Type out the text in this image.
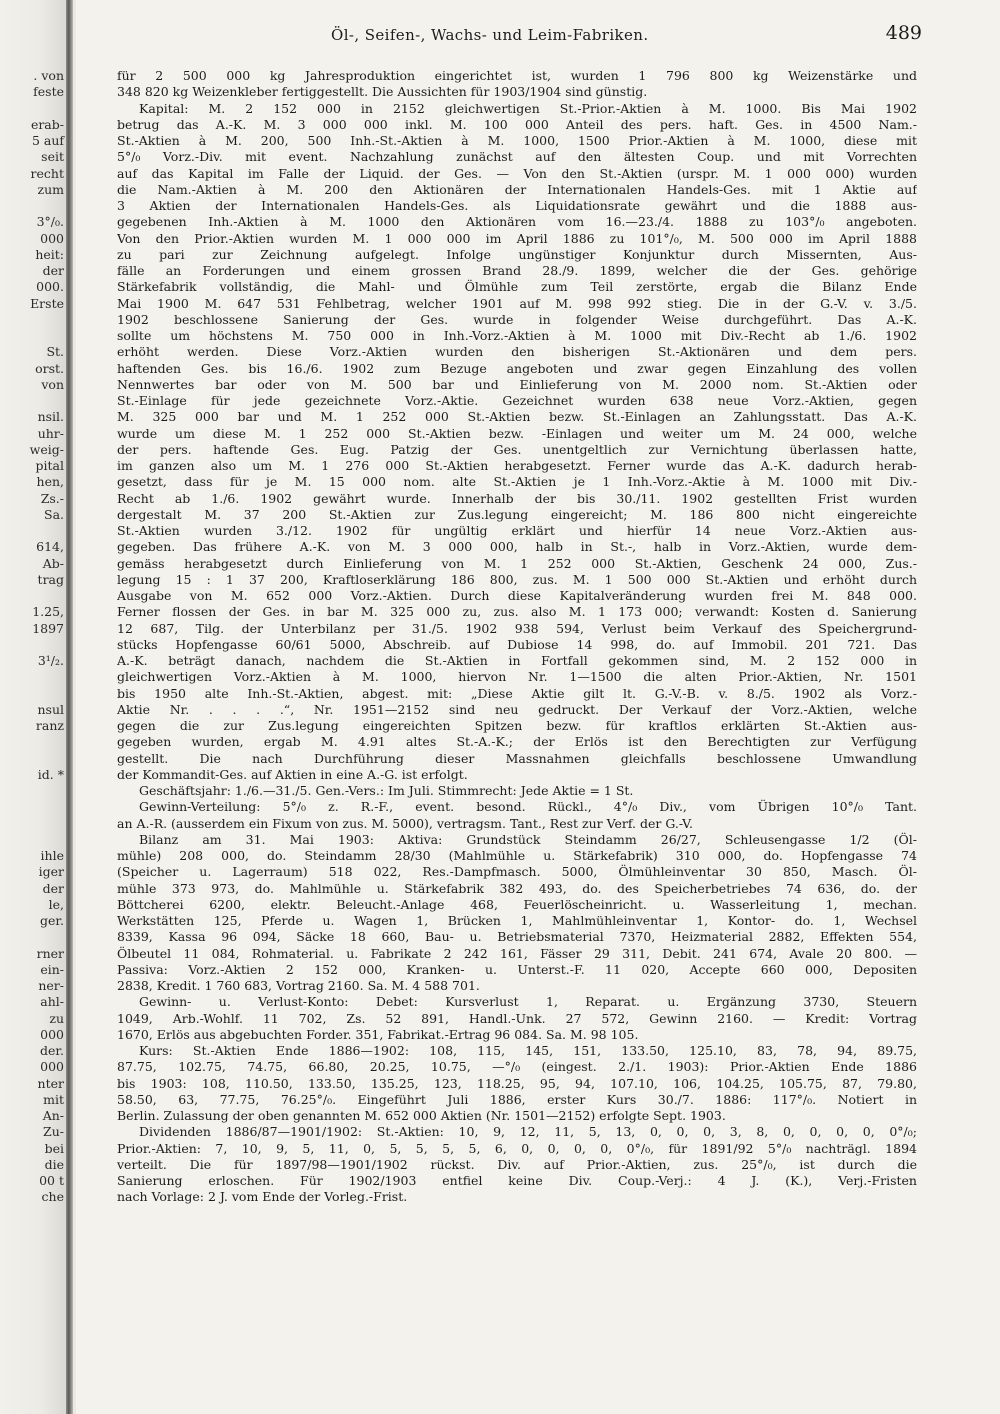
. von
feste
erab-
5 auf
seit
recht
zum
3°/₀.
000
heit:
der
000.
Erste
St.
orst.
von
nsil.
uhr-
weig-
pital
hen,
Zs.-
Sa.
614,
Ab-
trag
1.25,
1897
3¹/₂.
nsul
ranz
id. *
ihle
iger
der
le,
ger.
rner
ein-
ner-
ahl-
zu
000
der.
000
nter
mit
An-
Zu-
bei
die
00 t
che
Öl-, Seifen-, Wachs- und Leim-Fabriken.	489
für 2 500 000 kg Jahresproduktion eingerichtet ist, wurden 1 796 800 kg Weizenstärke und
348 820 kg Weizenkleber fertiggestellt. Die Aussichten für 1903/1904 sind günstig.
Kapital: M. 2 152 000 in 2152 gleichwertigen St.-Prior.-Aktien à M. 1000. Bis Mai 1902
betrug das A.-K. M. 3 000 000 inkl. M. 100 000 Anteil des pers. haft. Ges. in 4500 Nam.-
St.-Aktien à M. 200, 500 Inh.-St.-Aktien à M. 1000, 1500 Prior.-Aktien à M. 1000, diese mit
5°/₀ Vorz.-Div. mit event. Nachzahlung zunächst auf den ältesten Coup. und mit Vorrechten
auf das Kapital im Falle der Liquid. der Ges. — Von den St.-Aktien (urspr. M. 1 000 000) wurden
die Nam.-Aktien à M. 200 den Aktionären der Internationalen Handels-Ges. mit 1 Aktie auf
3 Aktien der Internationalen Handels-Ges. als Liquidationsrate gewährt und die 1888 aus-
gegebenen Inh.-Aktien à M. 1000 den Aktionären vom 16.—23./4. 1888 zu 103°/₀ angeboten.
Von den Prior.-Aktien wurden M. 1 000 000 im April 1886 zu 101°/₀, M. 500 000 im April 1888
zu pari zur Zeichnung aufgelegt. Infolge ungünstiger Konjunktur durch Missernten, Aus-
fälle an Forderungen und einem grossen Brand 28./9. 1899, welcher die der Ges. gehörige
Stärkefabrik vollständig, die Mahl- und Ölmühle zum Teil zerstörte, ergab die Bilanz Ende
Mai 1900 M. 647 531 Fehlbetrag, welcher 1901 auf M. 998 992 stieg. Die in der G.-V. v. 3./5.
1902 beschlossene Sanierung der Ges. wurde in folgender Weise durchgeführt. Das A.-K.
sollte um höchstens M. 750 000 in Inh.-Vorz.-Aktien à M. 1000 mit Div.-Recht ab 1./6. 1902
erhöht werden. Diese Vorz.-Aktien wurden den bisherigen St.-Aktionären und dem pers.
haftenden Ges. bis 16./6. 1902 zum Bezuge angeboten und zwar gegen Einzahlung des vollen
Nennwertes bar oder von M. 500 bar und Einlieferung von M. 2000 nom. St.-Aktien oder
St.-Einlage für jede gezeichnete Vorz.-Aktie. Gezeichnet wurden 638 neue Vorz.-Aktien, gegen
M. 325 000 bar und M. 1 252 000 St.-Aktien bezw. St.-Einlagen an Zahlungsstatt. Das A.-K.
wurde um diese M. 1 252 000 St.-Aktien bezw. -Einlagen und weiter um M. 24 000, welche
der pers. haftende Ges. Eug. Patzig der Ges. unentgeltlich zur Vernichtung überlassen hatte,
im ganzen also um M. 1 276 000 St.-Aktien herabgesetzt. Ferner wurde das A.-K. dadurch herab-
gesetzt, dass für je M. 15 000 nom. alte St.-Aktien je 1 Inh.-Vorz.-Aktie à M. 1000 mit Div.-
Recht ab 1./6. 1902 gewährt wurde. Innerhalb der bis 30./11. 1902 gestellten Frist wurden
dergestalt M. 37 200 St.-Aktien zur Zus.legung eingereicht; M. 186 800 nicht eingereichte
St.-Aktien wurden 3./12. 1902 für ungültig erklärt und hierfür 14 neue Vorz.-Aktien aus-
gegeben. Das frühere A.-K. von M. 3 000 000, halb in St.-, halb in Vorz.-Aktien, wurde dem-
gemäss herabgesetzt durch Einlieferung von M. 1 252 000 St.-Aktien, Geschenk 24 000, Zus.-
legung 15 : 1 37 200, Kraftloserklärung 186 800, zus. M. 1 500 000 St.-Aktien und erhöht durch
Ausgabe von M. 652 000 Vorz.-Aktien. Durch diese Kapitalveränderung wurden frei M. 848 000.
Ferner flossen der Ges. in bar M. 325 000 zu, zus. also M. 1 173 000; verwandt: Kosten d. Sanierung
12 687, Tilg. der Unterbilanz per 31./5. 1902 938 594, Verlust beim Verkauf des Speichergrund-
stücks Hopfengasse 60/61 5000, Abschreib. auf Dubiose 14 998, do. auf Immobil. 201 721. Das
A.-K. beträgt danach, nachdem die St.-Aktien in Fortfall gekommen sind, M. 2 152 000 in
gleichwertigen Vorz.-Aktien à M. 1000, hiervon Nr. 1—1500 die alten Prior.-Aktien, Nr. 1501
bis 1950 alte Inh.-St.-Aktien, abgest. mit: „Diese Aktie gilt lt. G.-V.-B. v. 8./5. 1902 als Vorz.-
Aktie Nr. . . . .“, Nr. 1951—2152 sind neu gedruckt. Der Verkauf der Vorz.-Aktien, welche
gegen die zur Zus.legung eingereichten Spitzen bezw. für kraftlos erklärten St.-Aktien aus-
gegeben wurden, ergab M. 4.91 altes St.-A.-K.; der Erlös ist den Berechtigten zur Verfügung
gestellt. Die nach Durchführung dieser Massnahmen gleichfalls beschlossene Umwandlung
der Kommandit-Ges. auf Aktien in eine A.-G. ist erfolgt.
Geschäftsjahr: 1./6.—31./5. Gen.-Vers.: Im Juli. Stimmrecht: Jede Aktie = 1 St.
Gewinn-Verteilung: 5°/₀ z. R.-F., event. besond. Rückl., 4°/₀ Div., vom Übrigen 10°/₀ Tant.
an A.-R. (ausserdem ein Fixum von zus. M. 5000), vertragsm. Tant., Rest zur Verf. der G.-V.
Bilanz am 31. Mai 1903: Aktiva: Grundstück Steindamm 26/27, Schleusengasse 1/2 (Öl-
mühle) 208 000, do. Steindamm 28/30 (Mahlmühle u. Stärkefabrik) 310 000, do. Hopfengasse 74
(Speicher u. Lagerraum) 518 022, Res.-Dampfmasch. 5000, Ölmühleinventar 30 850, Masch. Öl-
mühle 373 973, do. Mahlmühle u. Stärkefabrik 382 493, do. des Speicherbetriebes 74 636, do. der
Böttcherei 6200, elektr. Beleucht.-Anlage 468, Feuerlöscheinricht. u. Wasserleitung 1, mechan.
Werkstätten 125, Pferde u. Wagen 1, Brücken 1, Mahlmühleinventar 1, Kontor- do. 1, Wechsel
8339, Kassa 96 094, Säcke 18 660, Bau- u. Betriebsmaterial 7370, Heizmaterial 2882, Effekten 554,
Ölbeutel 11 084, Rohmaterial. u. Fabrikate 2 242 161, Fässer 29 311, Debit. 241 674, Avale 20 800. —
Passiva: Vorz.-Aktien 2 152 000, Kranken- u. Unterst.-F. 11 020, Accepte 660 000, Depositen
2838, Kredit. 1 760 683, Vortrag 2160. Sa. M. 4 588 701.
Gewinn- u. Verlust-Konto: Debet: Kursverlust 1, Reparat. u. Ergänzung 3730, Steuern
1049, Arb.-Wohlf. 11 702, Zs. 52 891, Handl.-Unk. 27 572, Gewinn 2160. — Kredit: Vortrag
1670, Erlös aus abgebuchten Forder. 351, Fabrikat.-Ertrag 96 084. Sa. M. 98 105.
Kurs: St.-Aktien Ende 1886—1902: 108, 115, 145, 151, 133.50, 125.10, 83, 78, 94, 89.75,
87.75, 102.75, 74.75, 66.80, 20.25, 10.75, —°/₀ (eingest. 2./1. 1903): Prior.-Aktien Ende 1886
bis 1903: 108, 110.50, 133.50, 135.25, 123, 118.25, 95, 94, 107.10, 106, 104.25, 105.75, 87, 79.80,
58.50, 63, 77.75, 76.25°/₀. Eingeführt Juli 1886, erster Kurs 30./7. 1886: 117°/₀. Notiert in
Berlin. Zulassung der oben genannten M. 652 000 Aktien (Nr. 1501—2152) erfolgte Sept. 1903.
Dividenden 1886/87—1901/1902: St.-Aktien: 10, 9, 12, 11, 5, 13, 0, 0, 0, 3, 8, 0, 0, 0, 0, 0°/₀;
Prior.-Aktien: 7, 10, 9, 5, 11, 0, 5, 5, 5, 5, 6, 0, 0, 0, 0, 0°/₀, für 1891/92 5°/₀ nachträgl. 1894
verteilt. Die für 1897/98—1901/1902 rückst. Div. auf Prior.-Aktien, zus. 25°/₀, ist durch die
Sanierung erloschen. Für 1902/1903 entfiel keine Div. Coup.-Verj.: 4 J. (K.), Verj.-Fristen
nach Vorlage: 2 J. vom Ende der Vorleg.-Frist.
